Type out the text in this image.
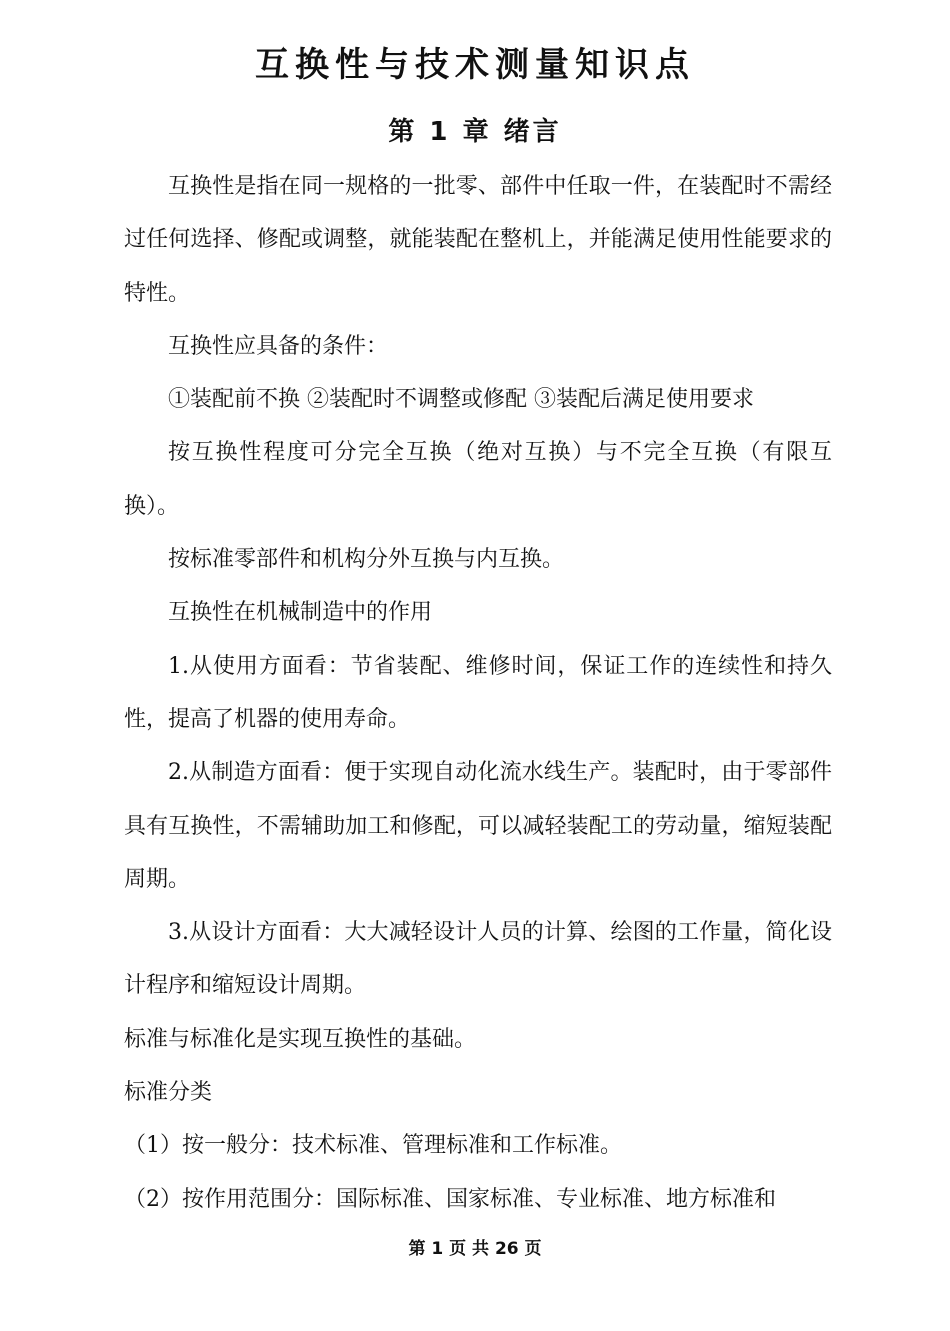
互换性与技术测量知识点
第 1 章 绪言

互换性是指在同一规格的一批零、部件中任取一件，在装配时不需经过任何选择、修配或调整，就能装配在整机上，并能满足使用性能要求的特性。

互换性应具备的条件：

①装配前不换 ②装配时不调整或修配 ③装配后满足使用要求

按互换性程度可分完全互换（绝对互换）与不完全互换（有限互换）。

按标准零部件和机构分外互换与内互换。

互换性在机械制造中的作用

1.从使用方面看：节省装配、维修时间，保证工作的连续性和持久性，提高了机器的使用寿命。

2.从制造方面看：便于实现自动化流水线生产。装配时，由于零部件具有互换性，不需辅助加工和修配，可以减轻装配工的劳动量，缩短装配周期。

3.从设计方面看：大大减轻设计人员的计算、绘图的工作量，简化设计程序和缩短设计周期。

标准与标准化是实现互换性的基础。

标准分类

（1）按一般分：技术标准、管理标准和工作标准。

（2）按作用范围分：国际标准、国家标准、专业标准、地方标准和

第 1 页 共 26 页
